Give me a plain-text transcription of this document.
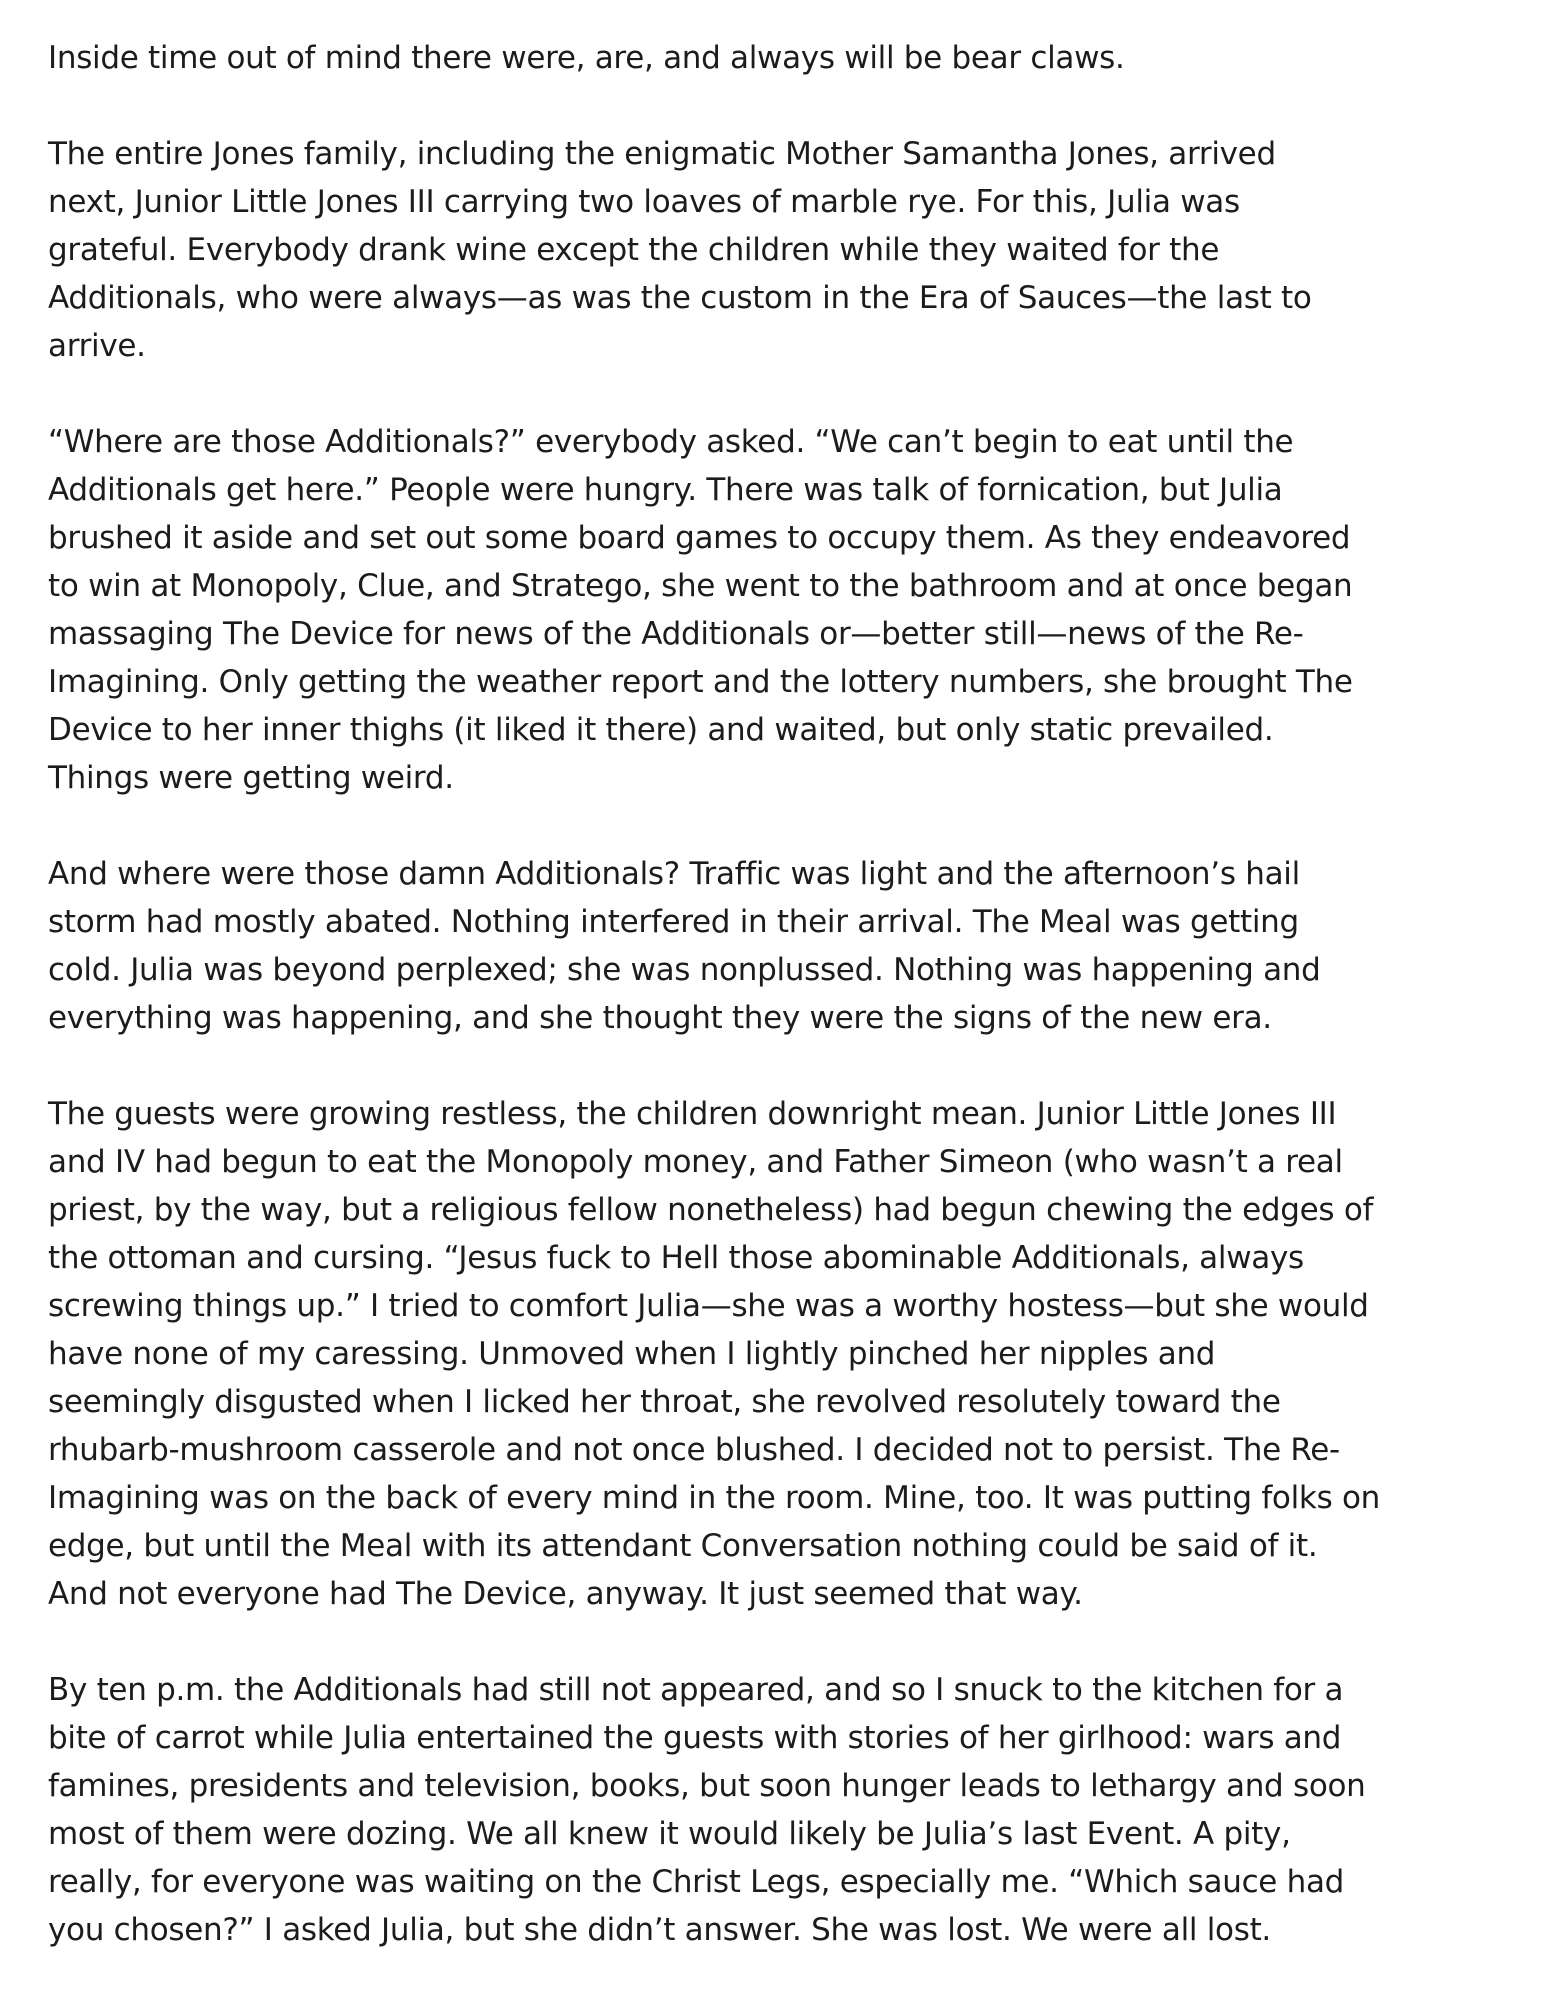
Inside time out of mind there were, are, and always will be bear claws.
The entire Jones family, including the enigmatic Mother Samantha Jones, arrived
next, Junior Little Jones III carrying two loaves of marble rye. For this, Julia was
grateful. Everybody drank wine except the children while they waited for the
Additionals, who were always—as was the custom in the Era of Sauces—the last to
arrive.
“Where are those Additionals?” everybody asked. “We can’t begin to eat until the
Additionals get here.” People were hungry. There was talk of fornication, but Julia
brushed it aside and set out some board games to occupy them. As they endeavored
to win at Monopoly, Clue, and Stratego, she went to the bathroom and at once began
massaging The Device for news of the Additionals or—better still—news of the Re-
Imagining. Only getting the weather report and the lottery numbers, she brought The
Device to her inner thighs (it liked it there) and waited, but only static prevailed.
Things were getting weird.
And where were those damn Additionals? Traffic was light and the afternoon’s hail
storm had mostly abated. Nothing interfered in their arrival. The Meal was getting
cold. Julia was beyond perplexed; she was nonplussed. Nothing was happening and
everything was happening, and she thought they were the signs of the new era.
The guests were growing restless, the children downright mean. Junior Little Jones III
and IV had begun to eat the Monopoly money, and Father Simeon (who wasn’t a real
priest, by the way, but a religious fellow nonetheless) had begun chewing the edges of
the ottoman and cursing. “Jesus fuck to Hell those abominable Additionals, always
screwing things up.” I tried to comfort Julia—she was a worthy hostess—but she would
have none of my caressing. Unmoved when I lightly pinched her nipples and
seemingly disgusted when I licked her throat, she revolved resolutely toward the
rhubarb-mushroom casserole and not once blushed. I decided not to persist. The Re-
Imagining was on the back of every mind in the room. Mine, too. It was putting folks on
edge, but until the Meal with its attendant Conversation nothing could be said of it.
And not everyone had The Device, anyway. It just seemed that way.
By ten p.m. the Additionals had still not appeared, and so I snuck to the kitchen for a
bite of carrot while Julia entertained the guests with stories of her girlhood: wars and
famines, presidents and television, books, but soon hunger leads to lethargy and soon
most of them were dozing. We all knew it would likely be Julia’s last Event. A pity,
really, for everyone was waiting on the Christ Legs, especially me. “Which sauce had
you chosen?” I asked Julia, but she didn’t answer. She was lost. We were all lost.
